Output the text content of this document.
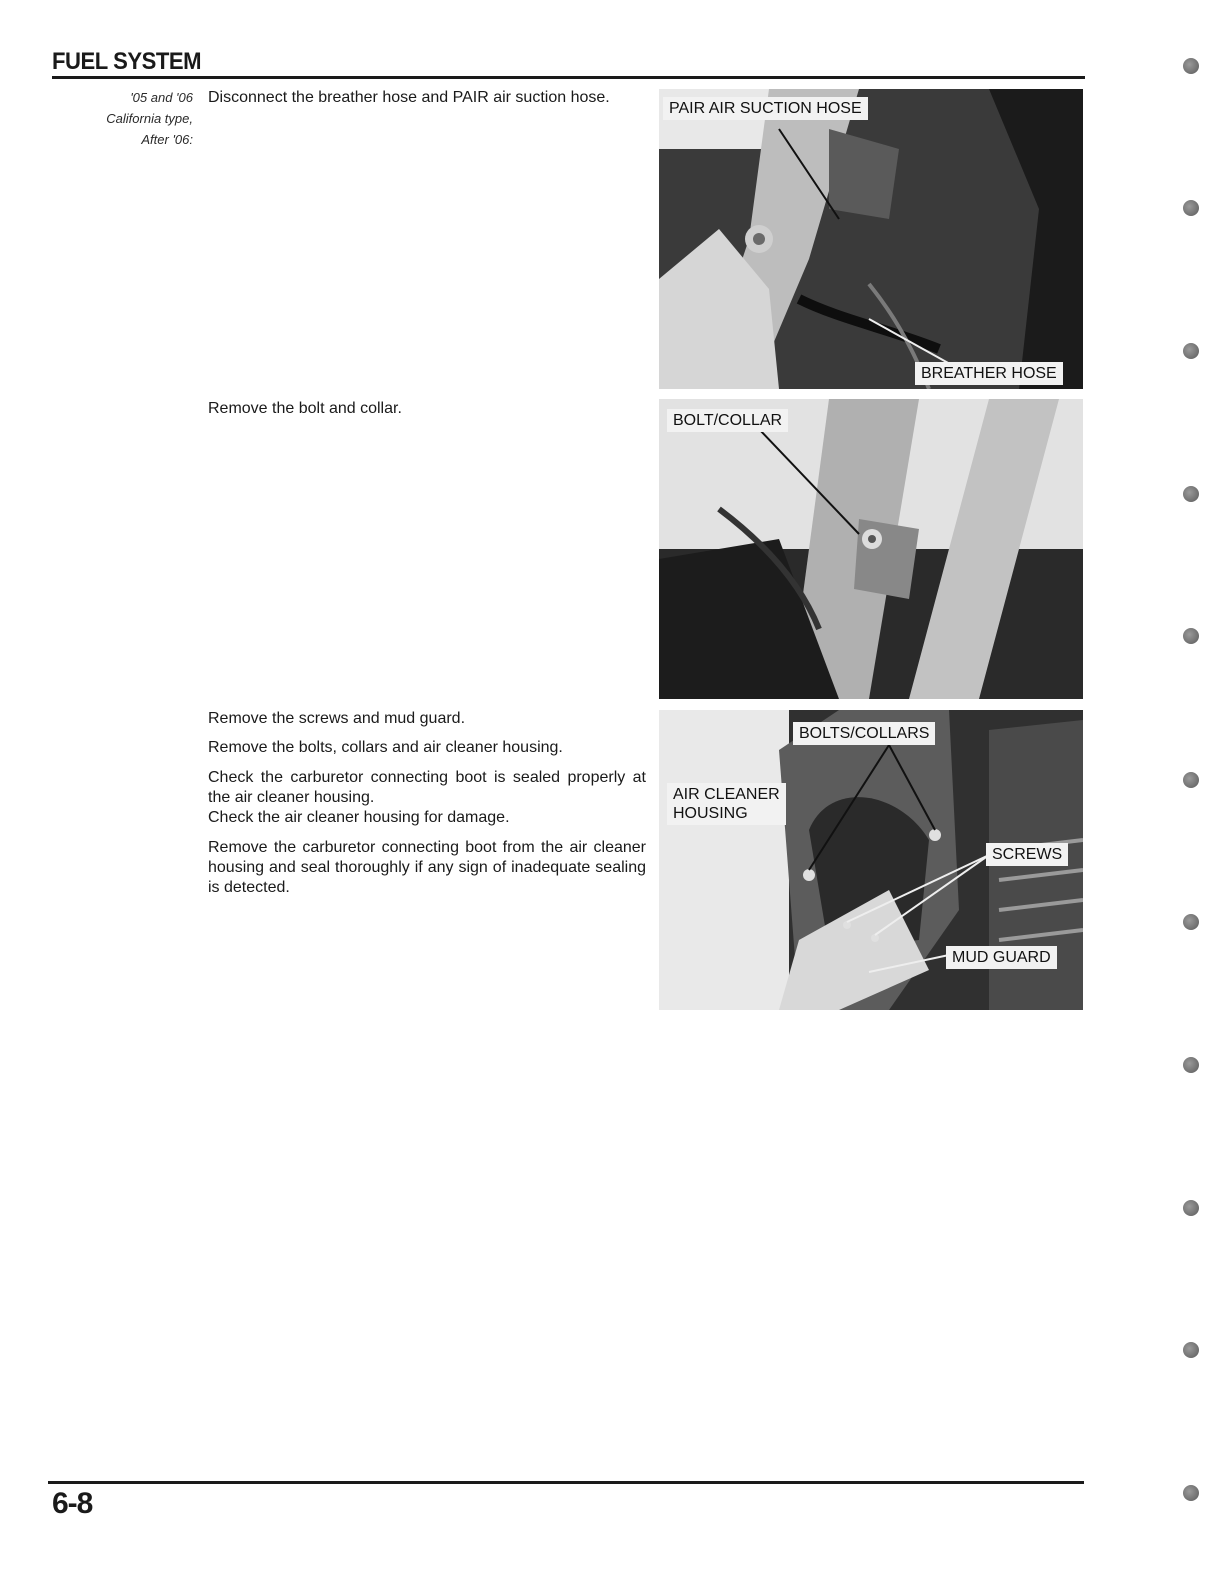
FUEL SYSTEM
'05 and '06
California type,
After '06:

Disconnect the breather hose and PAIR air suction hose.

Remove the bolt and collar.

Remove the screws and mud guard.

Remove the bolts, collars and air cleaner housing.

Check the carburetor connecting boot is sealed properly at the air cleaner housing.

Check the air cleaner housing for damage.

Remove the carburetor connecting boot from the air cleaner housing and seal thoroughly if any sign of inadequate sealing is detected.

PAIR AIR SUCTION HOSE
BREATHER HOSE
BOLT/COLLAR
BOLTS/COLLARS
AIR CLEANER
HOUSING
SCREWS
MUD GUARD
6-8
